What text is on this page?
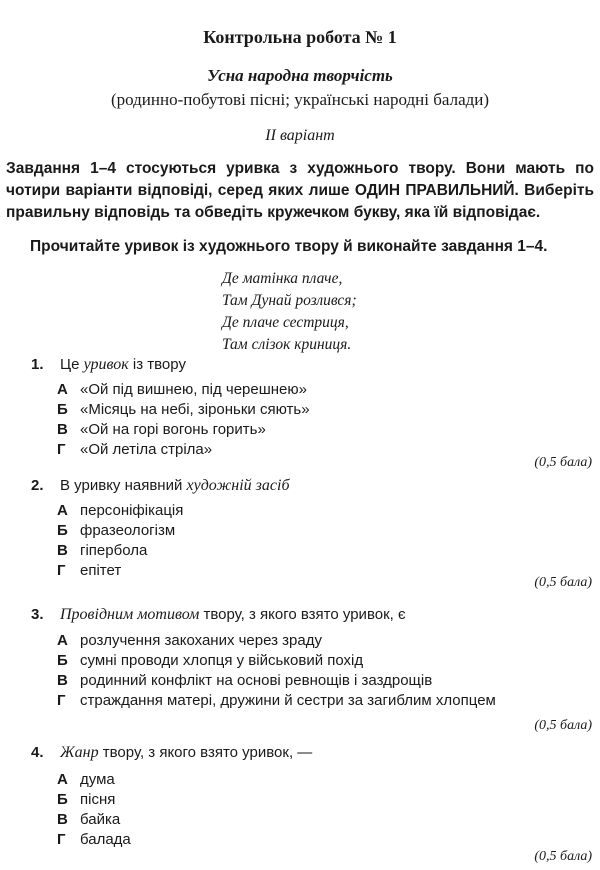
Контрольна робота № 1
Усна народна творчість
(родинно-побутові пісні; українські народні балади)
II варіант
Завдання 1–4 стосуються уривка з художнього твору. Вони мають по чотири варіанти відповіді, серед яких лише ОДИН ПРАВИЛЬНИЙ. Виберіть правильну відповідь та обведіть кружечком букву, яка їй відповідає.
Прочитайте уривок із художнього твору й виконайте завдання 1–4.
Де матінка плаче,
Там Дунай розлився;
Де плаче сестриця,
Там слізок криниця.
1. Це уривок із твору
А «Ой під вишнею, під черешнею»
Б «Місяць на небі, зіроньки сяють»
В «Ой на горі вогонь горить»
Г «Ой летіла стріла»
(0,5 бала)
2. В уривку наявний художній засіб
А персоніфікація
Б фразеологізм
В гіпербола
Г епітет
(0,5 бала)
3. Провідним мотивом твору, з якого взято уривок, є
А розлучення закоханих через зраду
Б сумні проводи хлопця у військовий похід
В родинний конфлікт на основі ревнощів і заздрощів
Г страждання матері, дружини й сестри за загиблим хлопцем
(0,5 бала)
4. Жанр твору, з якого взято уривок, —
А дума
Б пісня
В байка
Г балада
(0,5 бала)
